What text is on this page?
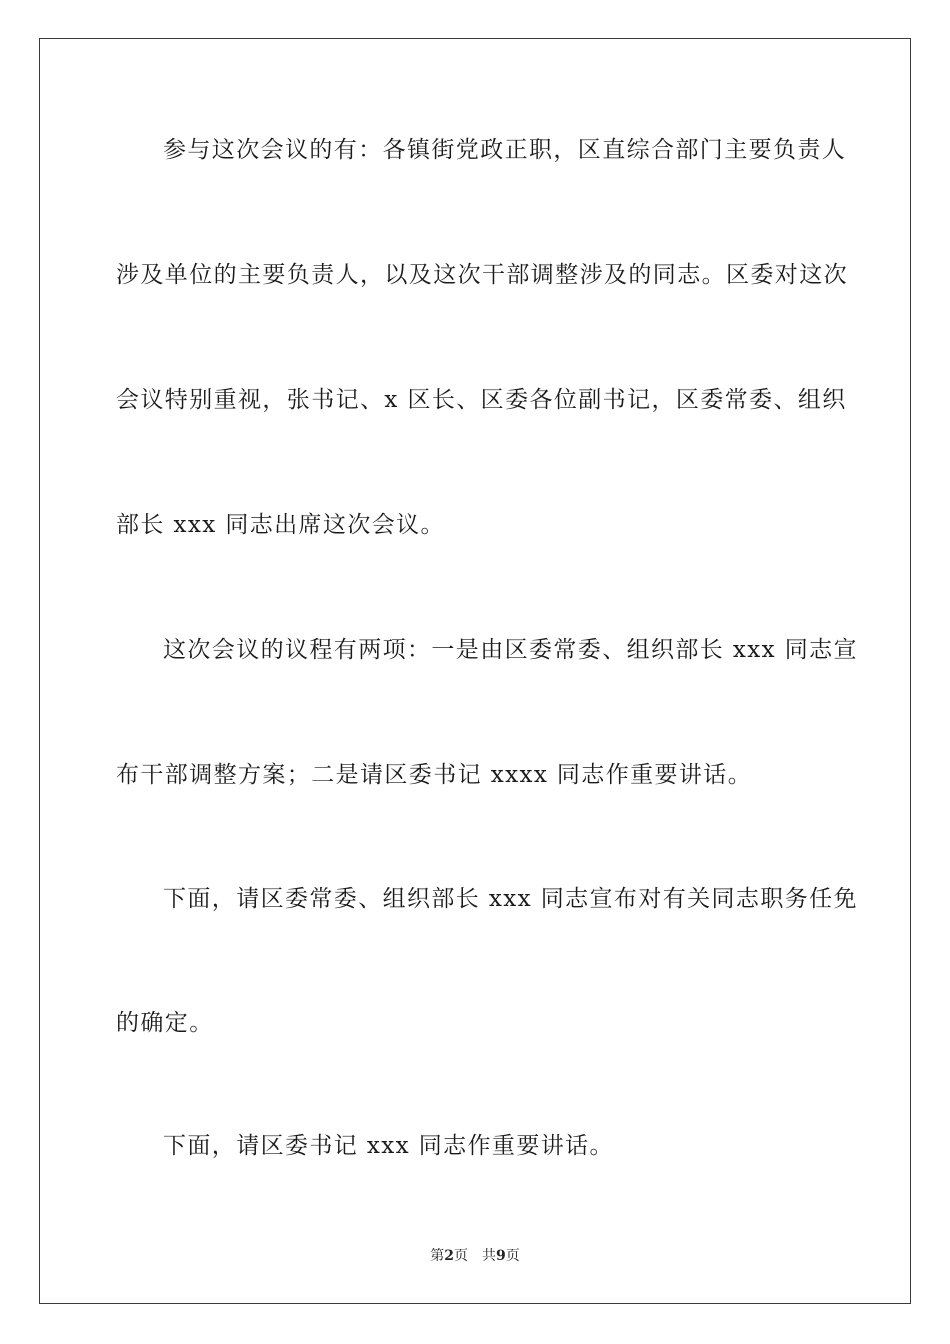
参与这次会议的有：各镇街党政正职，区直综合部门主要负责人
涉及单位的主要负责人，以及这次干部调整涉及的同志。区委对这次
会议特别重视，张书记、x 区长、区委各位副书记，区委常委、组织
部长 xxx 同志出席这次会议。
这次会议的议程有两项：一是由区委常委、组织部长 xxx 同志宣
布干部调整方案；二是请区委书记 xxxx 同志作重要讲话。
下面，请区委常委、组织部长 xxx 同志宣布对有关同志职务任免
的确定。
下面，请区委书记 xxx 同志作重要讲话。
第2页 共9页
